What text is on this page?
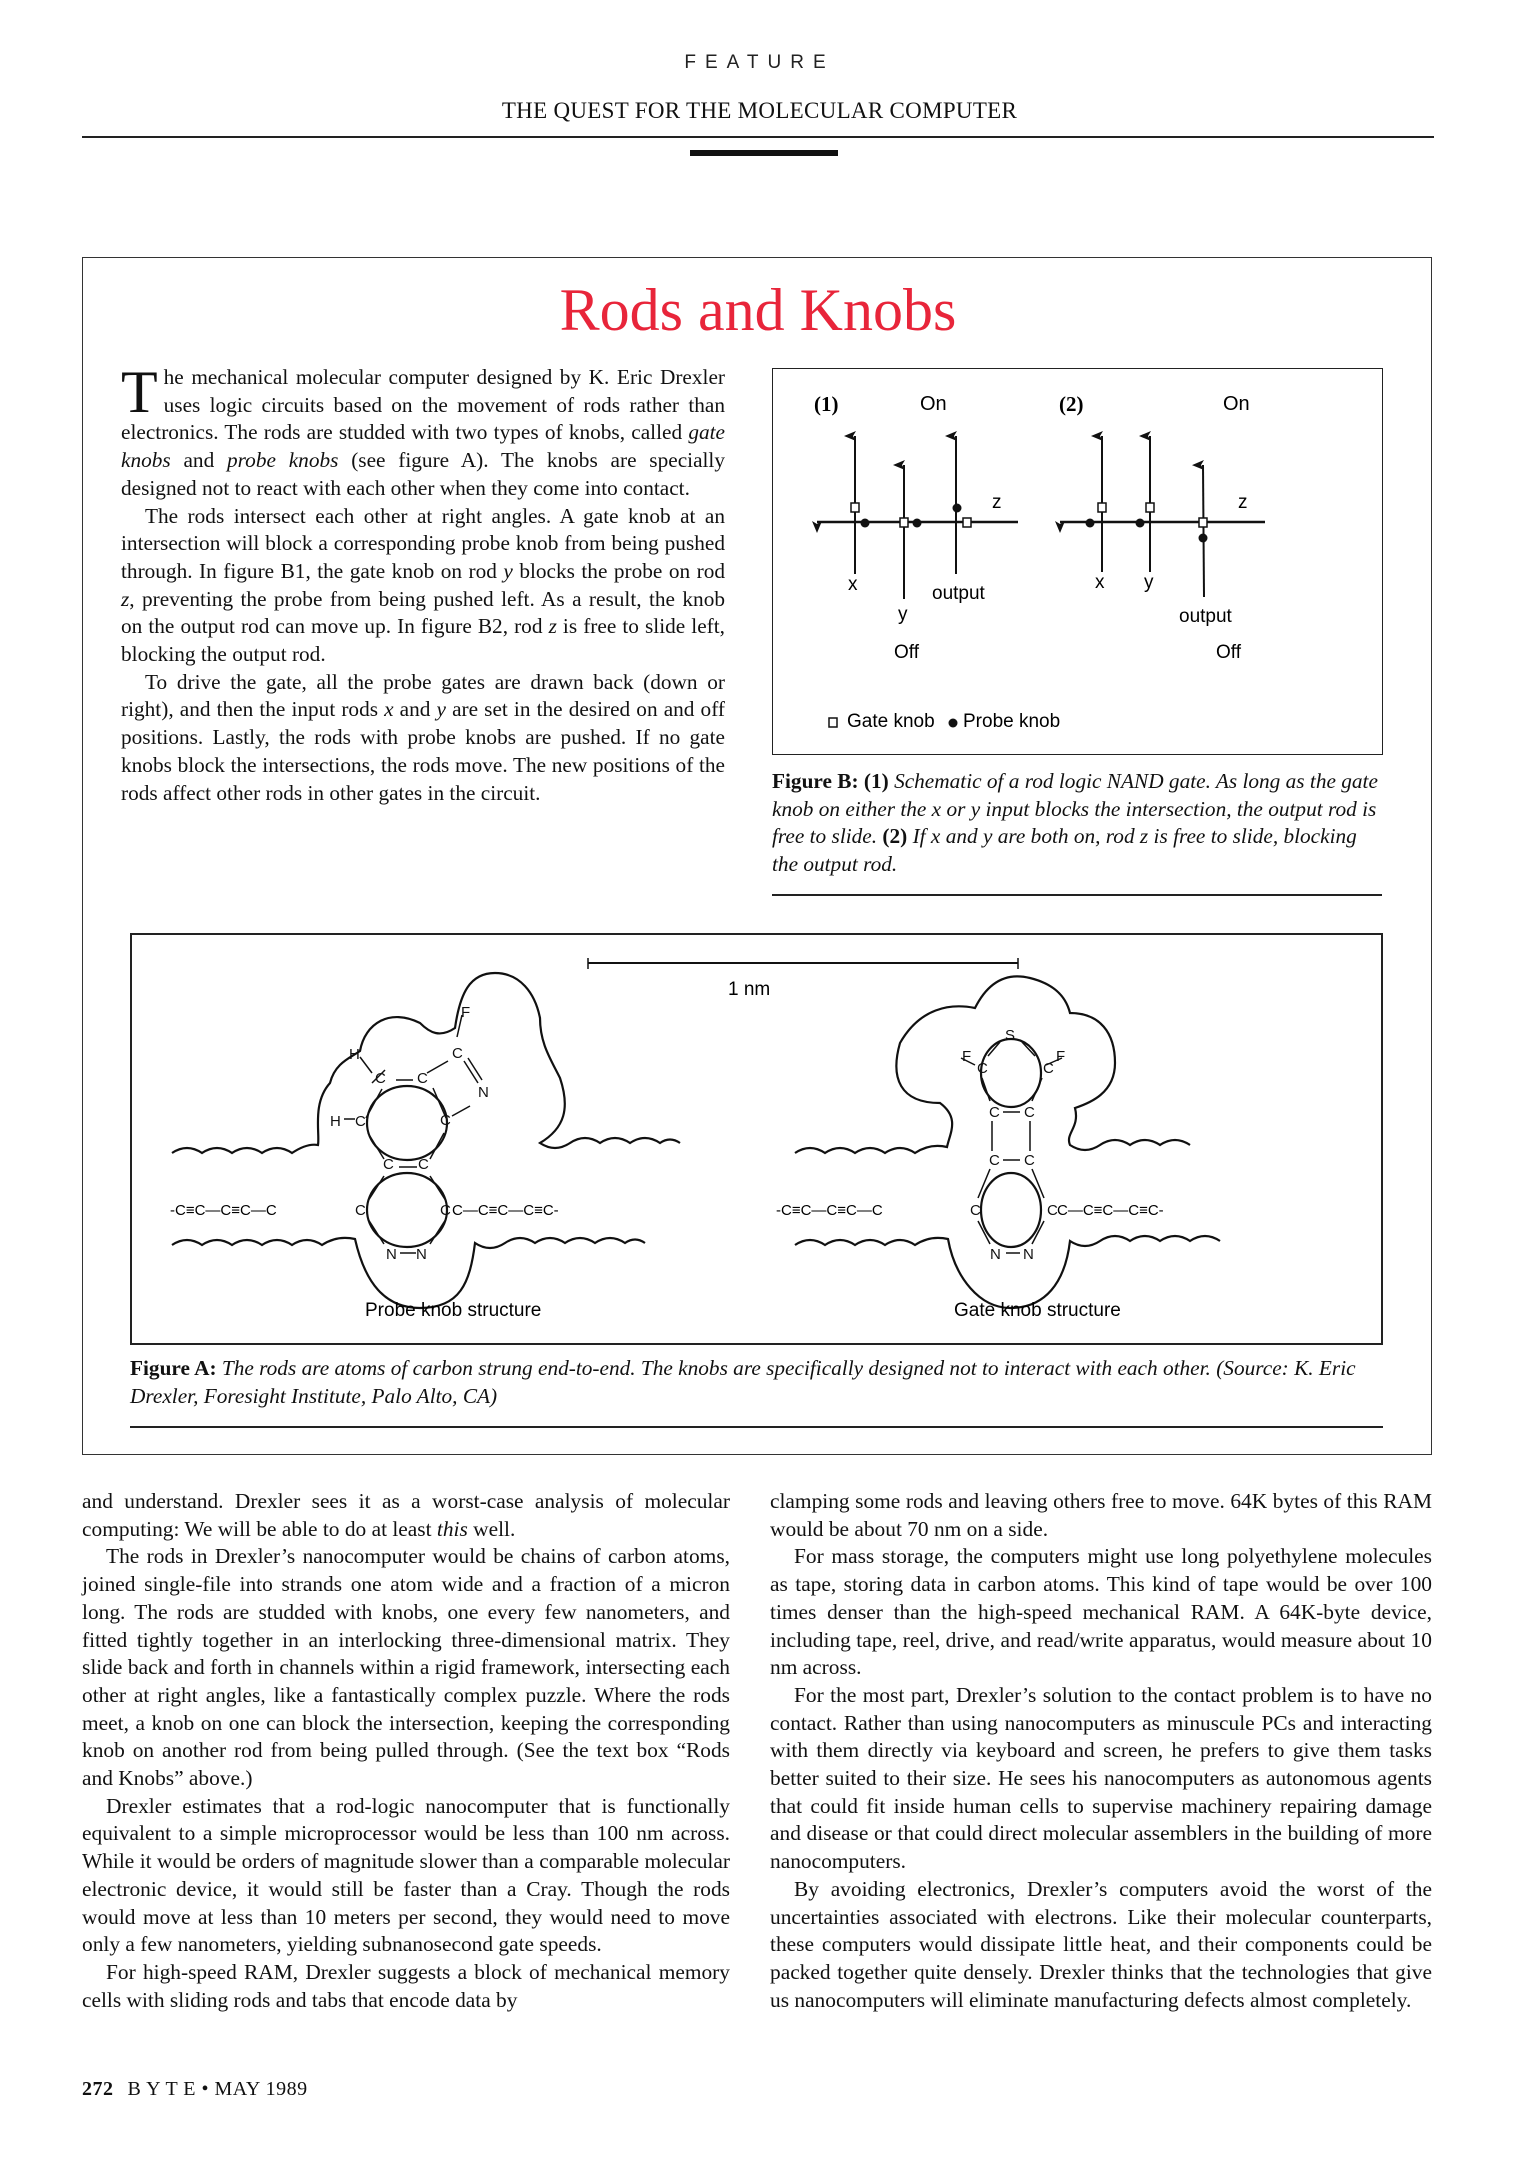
FEATURE
THE QUEST FOR THE MOLECULAR COMPUTER
Rods and Knobs

The mechanical molecular computer designed by K. Eric Drexler uses logic circuits based on the movement of rods rather than electronics. The rods are studded with two types of knobs, called gate knobs and probe knobs (see figure A). The knobs are specially designed not to react with each other when they come into contact.

The rods intersect each other at right angles. A gate knob at an intersection will block a corresponding probe knob from being pushed through. In figure B1, the gate knob on rod y blocks the probe on rod z, preventing the probe from being pushed left. As a result, the knob on the output rod can move up. In figure B2, rod z is free to slide left, blocking the output rod.

To drive the gate, all the probe gates are drawn back (down or right), and then the input rods x and y are set in the desired on and off positions. Lastly, the rods with probe knobs are pushed. If no gate knobs block the intersections, the rods move. The new positions of the rods affect other rods in other gates in the circuit.

(1)	On
z
x
y
output
Off
(2)	On
z
x y
output
Off
Gate knob Probe knob
Figure B: (1) Schematic of a rod logic NAND gate. As long as the gate knob on either the x or y input blocks the intersection, the output rod is free to slide. (2) If x and y are both on, rod z is free to slide, blocking the output rod.
1 nm
H
C C
C
F
N
C
H C
C C
C	C
N N
-C≡C—C≡C—C	C—C≡C—C≡C-
Probe knob structure
S
F
C	C
F
C C
C C
C	C
N N
-C≡C—C≡C—C	C—C≡C—C≡C-
Gate knob structure
Figure A: The rods are atoms of carbon strung end-to-end. The knobs are specifically designed not to interact with each other. (Source: K. Eric Drexler, Foresight Institute, Palo Alto, CA)

and understand. Drexler sees it as a worst-case analysis of molecular computing: We will be able to do at least this well.

The rods in Drexler’s nanocomputer would be chains of carbon atoms, joined single-file into strands one atom wide and a fraction of a micron long. The rods are studded with knobs, one every few nanometers, and fitted tightly together in an interlocking three-dimensional matrix. They slide back and forth in channels within a rigid framework, intersecting each other at right angles, like a fantastically complex puzzle. Where the rods meet, a knob on one can block the intersection, keeping the corresponding knob on another rod from being pulled through. (See the text box “Rods and Knobs” above.)

Drexler estimates that a rod-logic nanocomputer that is functionally equivalent to a simple microprocessor would be less than 100 nm across. While it would be orders of magnitude slower than a comparable molecular electronic device, it would still be faster than a Cray. Though the rods would move at less than 10 meters per second, they would need to move only a few nanometers, yielding subnanosecond gate speeds.

For high-speed RAM, Drexler suggests a block of mechanical memory cells with sliding rods and tabs that encode data by

clamping some rods and leaving others free to move. 64K bytes of this RAM would be about 70 nm on a side.

For mass storage, the computers might use long polyethylene molecules as tape, storing data in carbon atoms. This kind of tape would be over 100 times denser than the high-speed mechanical RAM. A 64K-byte device, including tape, reel, drive, and read/write apparatus, would measure about 10 nm across.

For the most part, Drexler’s solution to the contact problem is to have no contact. Rather than using nanocomputers as minuscule PCs and interacting with them directly via keyboard and screen, he prefers to give them tasks better suited to their size. He sees his nanocomputers as autonomous agents that could fit inside human cells to supervise machinery repairing damage and disease or that could direct molecular assemblers in the building of more nanocomputers.

By avoiding electronics, Drexler’s computers avoid the worst of the uncertainties associated with electrons. Like their molecular counterparts, these computers would dissipate little heat, and their components could be packed together quite densely. Drexler thinks that the technologies that give us nanocomputers will eliminate manufacturing defects almost completely.

272 B Y T E • MAY 1989
